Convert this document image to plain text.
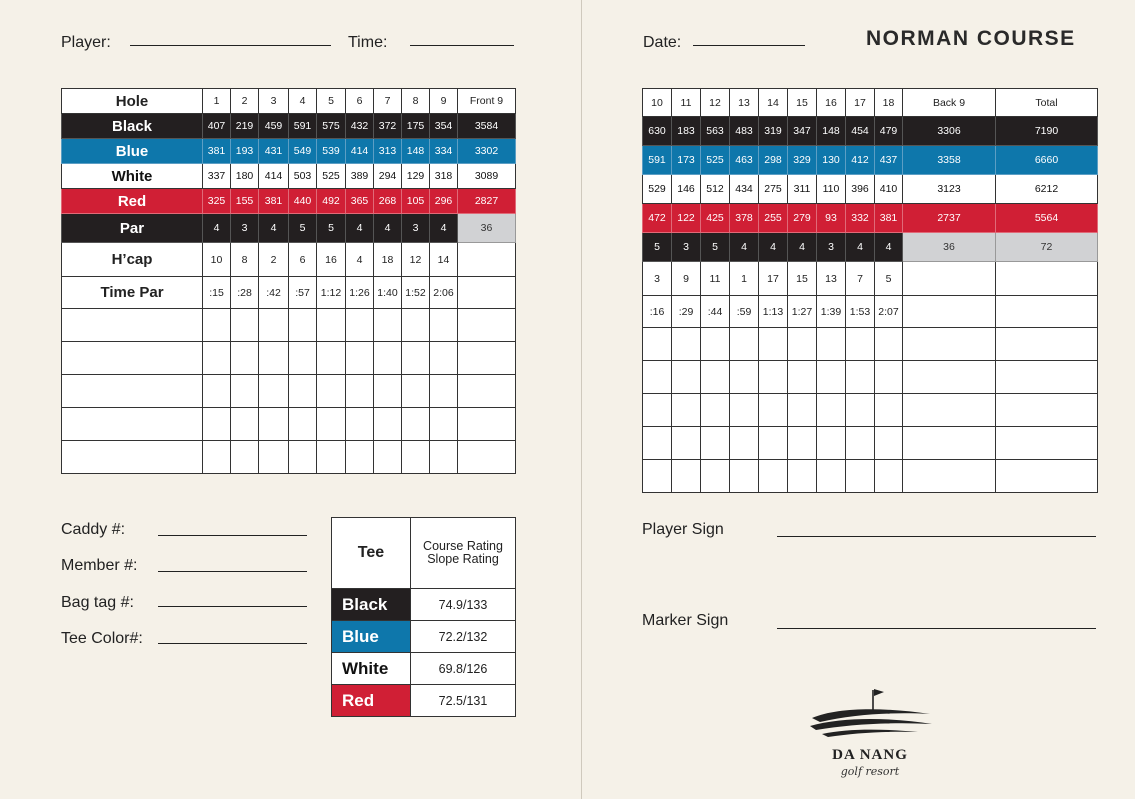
Player:	Time:	Date:	NORMAN COURSE
Hole	1	2	3	4	5	6	7	8	9	Front 9
Black	407	219	459	591	575	432	372	175	354	3584
Blue	381	193	431	549	539	414	313	148	334	3302
White	337	180	414	503	525	389	294	129	318	3089
Red	325	155	381	440	492	365	268	105	296	2827
Par	4	3	4	5	5	4	4	3	4	36
H’cap	10	8	2	6	16	4	18	12	14	
Time Par	:15	:28	:42	:57	1:12	1:26	1:40	1:52	2:06	

10	11	12	13	14	15	16	17	18	Back 9	Total
630	183	563	483	319	347	148	454	479	3306	7190
591	173	525	463	298	329	130	412	437	3358	6660
529	146	512	434	275	311	110	396	410	3123	6212
472	122	425	378	255	279	93	332	381	2737	5564
5	3	5	4	4	4	3	4	4	36	72
3	9	11	1	17	15	13	7	5		
:16	:29	:44	:59	1:13	1:27	1:39	1:53	2:07		

Caddy #:
Member #:
Bag tag #:
Tee Color#:
Tee	Course Rating
Slope Rating

Black	74.9/133
Blue	72.2/132
White	69.8/126
Red	72.5/131
Player Sign
Marker Sign
DA NANG
golf resort
